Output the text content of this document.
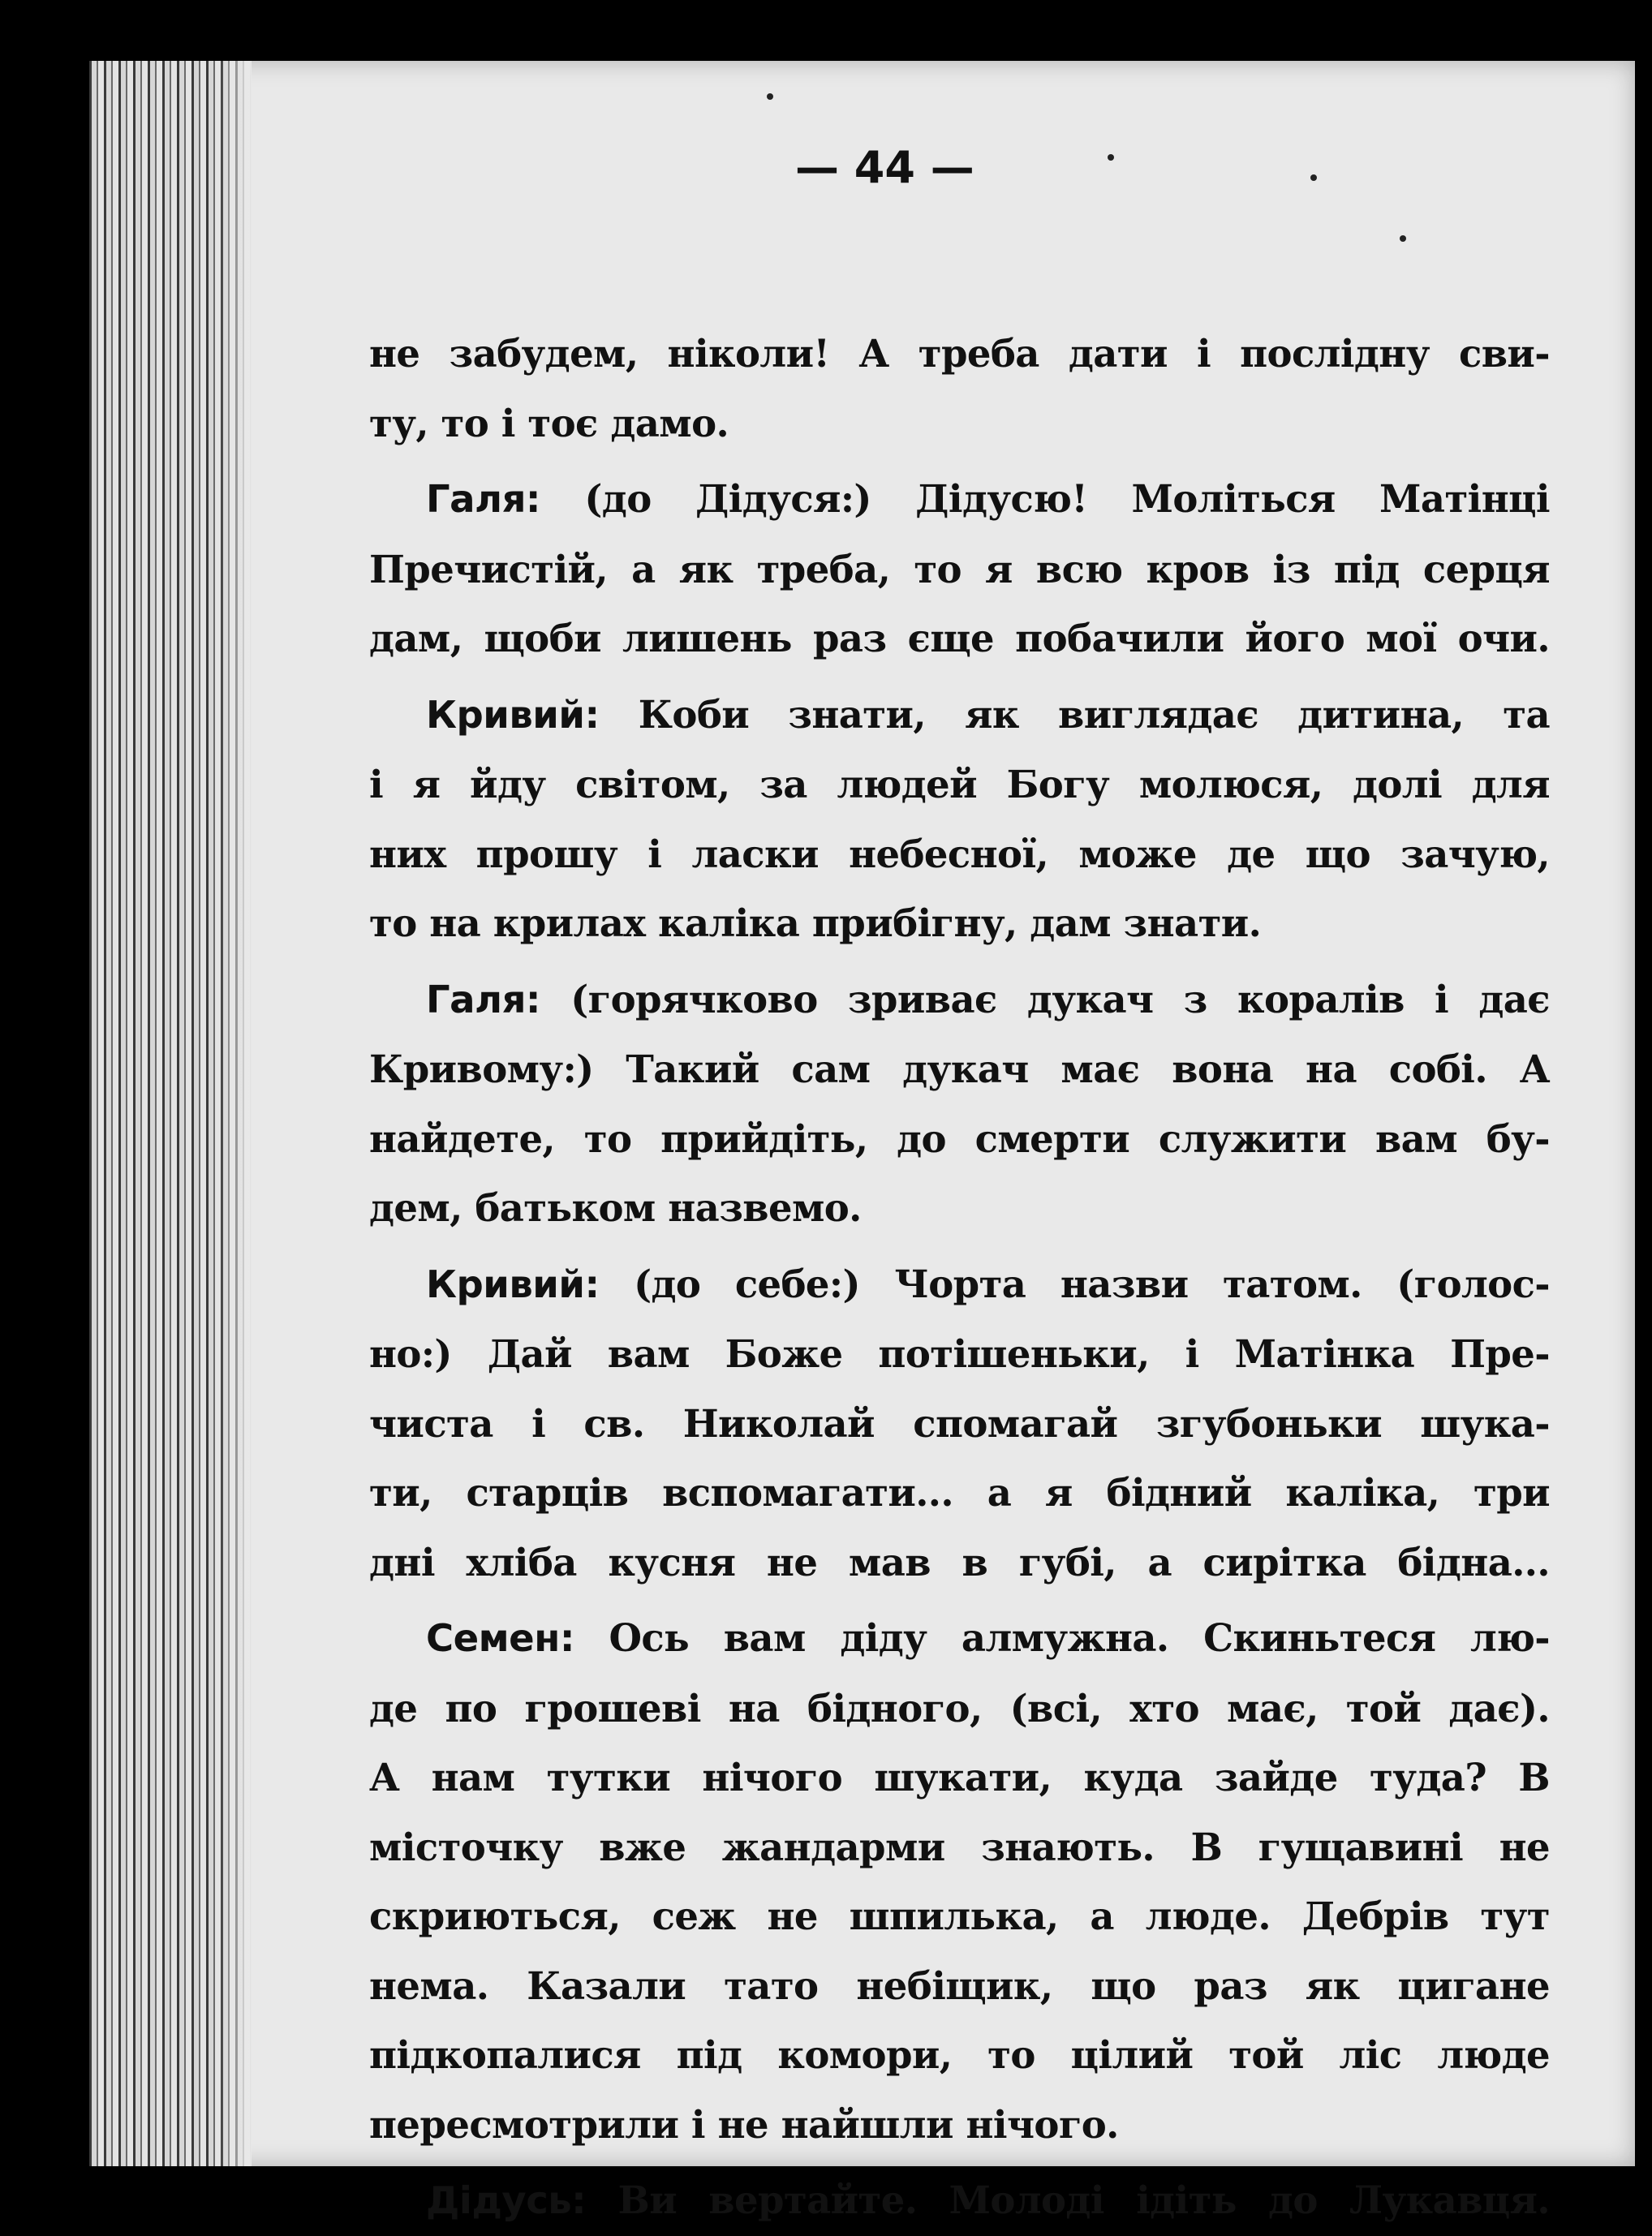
— 44 —
не забудем, ніколи! А треба дати і послідну сви-
ту, то і тоє дамо.
Галя: (до Дідуся:) Дідусю! Моліться Матінці
Пречистій, а як треба, то я всю кров із під серця
дам, щоби лишень раз єще побачили його мої очи.
Кривий: Коби знати, як виглядає дитина, та
і я йду світом, за людей Богу молюся, долі для
них прошу і ласки небесної, може де що зачую,
то на крилах каліка прибігну, дам знати.
Галя: (горячково зриває дукач з коралів і дає
Кривому:) Такий сам дукач має вона на собі. А
найдете, то прийдіть, до смерти служити вам бу-
дем, батьком назвемо.
Кривий: (до себе:) Чорта назви татом. (голос-
но:) Дай вам Боже потішеньки, і Матінка Пре-
чиста і св. Николай спомагай згубоньки шука-
ти, старців вспомагати... а я бідний каліка, три
дні хліба кусня не мав в губі, а сирітка бідна...
Семен: Ось вам діду алмужна. Скиньтеся лю-
де по грошеві на бідного, (всі, хто має, той дає).
А нам тутки нічого шукати, куда зайде туда? В
місточку вже жандарми знають. В гущавині не
скриються, сеж не шпилька, а люде. Дебрів тут
нема. Казали тато небіщик, що раз як цигане
підкопалися під комори, то цілий той ліс люде
пересмотрили і не найшли нічого.
Дідусь: Ви вертайте. Молоді ідіть до Лукавця.
